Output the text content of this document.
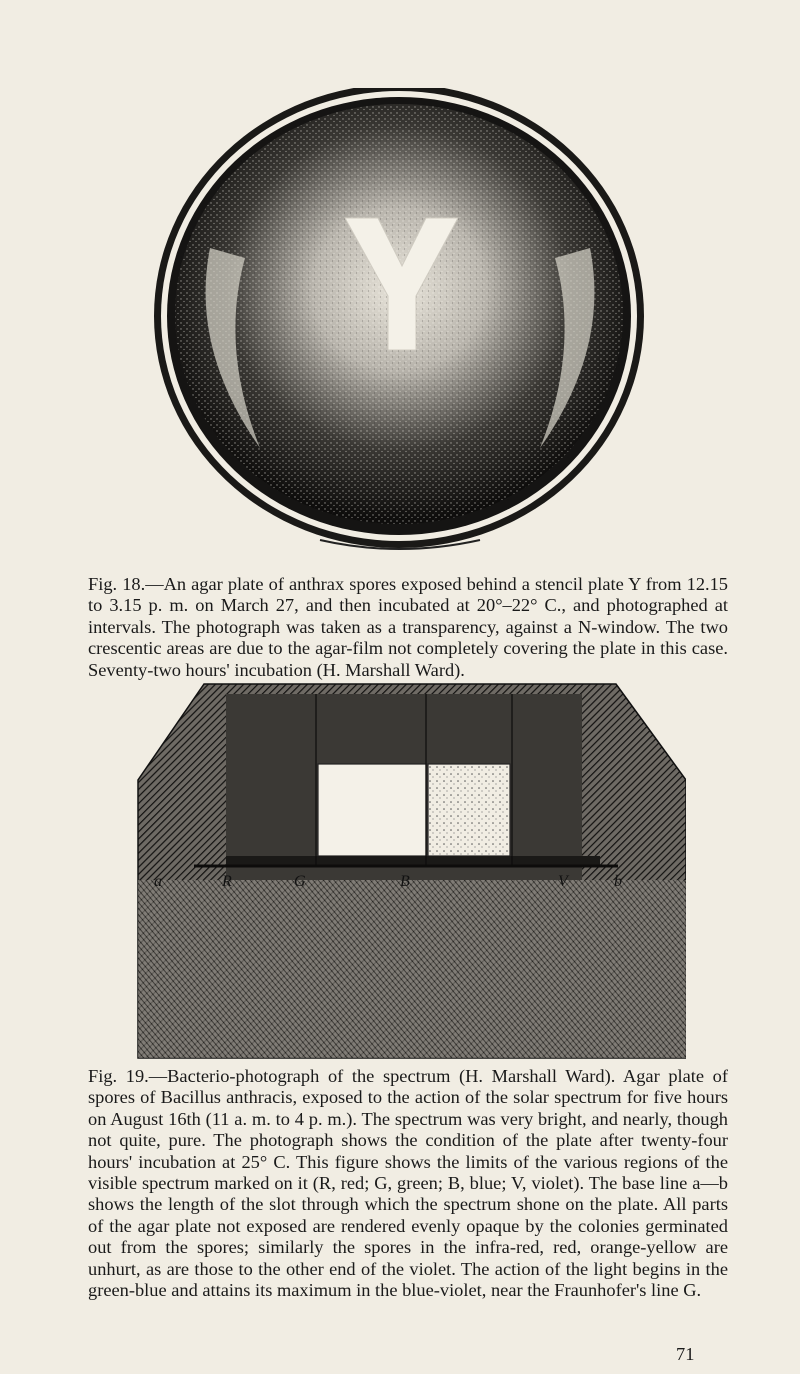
Fig. 18.—An agar plate of anthrax spores exposed behind a stencil plate Y from 12.15 to 3.15 p. m. on March 27, and then incubated at 20°–22° C., and photographed at intervals. The photograph was taken as a transparency, against a N-window. The two crescentic areas are due to the agar-film not completely covering the plate in this case. Seventy-two hours' incubation (H. Marshall Ward).

a	R	G	B	V	b

Fig. 19.—Bacterio-photograph of the spectrum (H. Marshall Ward). Agar plate of spores of Bacillus anthracis, exposed to the action of the solar spectrum for five hours on August 16th (11 a. m. to 4 p. m.). The spectrum was very bright, and nearly, though not quite, pure. The photograph shows the condition of the plate after twenty-four hours' incubation at 25° C. This figure shows the limits of the various regions of the visible spectrum marked on it (R, red; G, green; B, blue; V, violet). The base line a—b shows the length of the slot through which the spectrum shone on the plate. All parts of the agar plate not exposed are rendered evenly opaque by the colonies germinated out from the spores; similarly the spores in the infra-red, red, orange-yellow are unhurt, as are those to the other end of the violet. The action of the light begins in the green-blue and attains its maximum in the blue-violet, near the Fraunhofer's line G.

71
